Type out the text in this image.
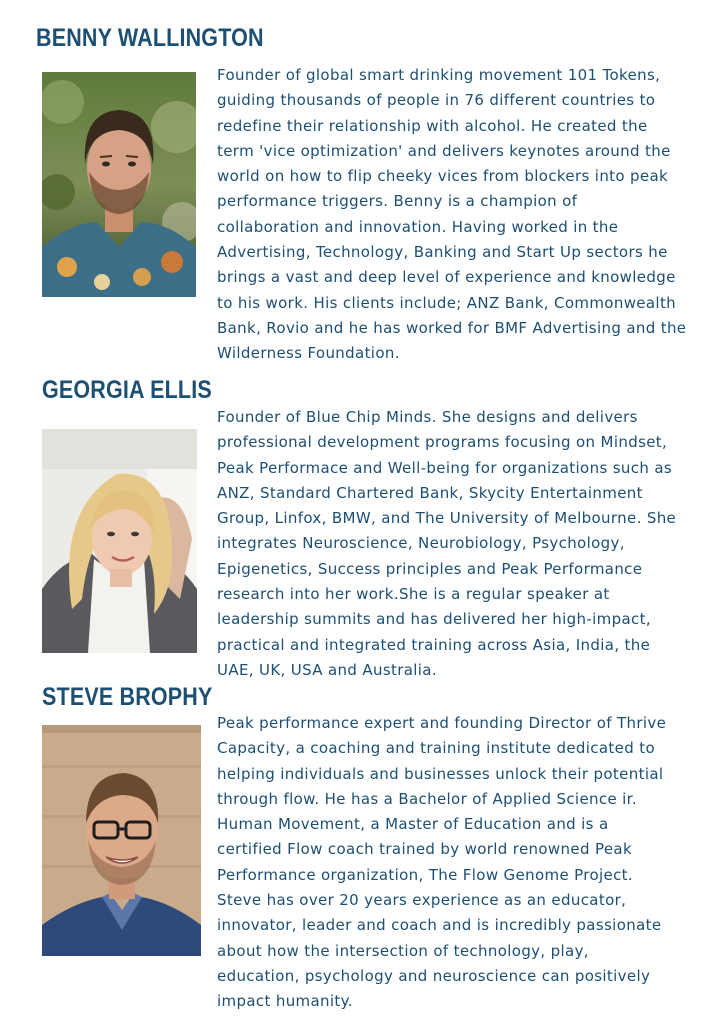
BENNY WALLINGTON

Founder of global smart drinking movement 101 Tokens,
guiding thousands of people in 76 different countries to
redefine their relationship with alcohol. He created the
term 'vice optimization' and delivers keynotes around the
world on how to flip cheeky vices from blockers into peak
performance triggers. Benny is a champion of
collaboration and innovation. Having worked in the
Advertising, Technology, Banking and Start Up sectors he
brings a vast and deep level of experience and knowledge
to his work. His clients include; ANZ Bank, Commonwealth
Bank, Rovio and he has worked for BMF Advertising and the
Wilderness Foundation.

GEORGIA ELLIS

Founder of Blue Chip Minds. She designs and delivers
professional development programs focusing on Mindset,
Peak Performace and Well-being for organizations such as
ANZ, Standard Chartered Bank, Skycity Entertainment
Group, Linfox, BMW, and The University of Melbourne. She
integrates Neuroscience, Neurobiology, Psychology,
Epigenetics, Success principles and Peak Performance
research into her work.She is a regular speaker at
leadership summits and has delivered her high-impact,
practical and integrated training across Asia, India, the
UAE, UK, USA and Australia.

STEVE BROPHY

Peak performance expert and founding Director of Thrive
Capacity, a coaching and training institute dedicated to
helping individuals and businesses unlock their potential
through flow. He has a Bachelor of Applied Science ir.
Human Movement, a Master of Education and is a
certified Flow coach trained by world renowned Peak
Performance organization, The Flow Genome Project.
Steve has over 20 years experience as an educator,
innovator, leader and coach and is incredibly passionate
about how the intersection of technology, play,
education, psychology and neuroscience can positively
impact humanity.
